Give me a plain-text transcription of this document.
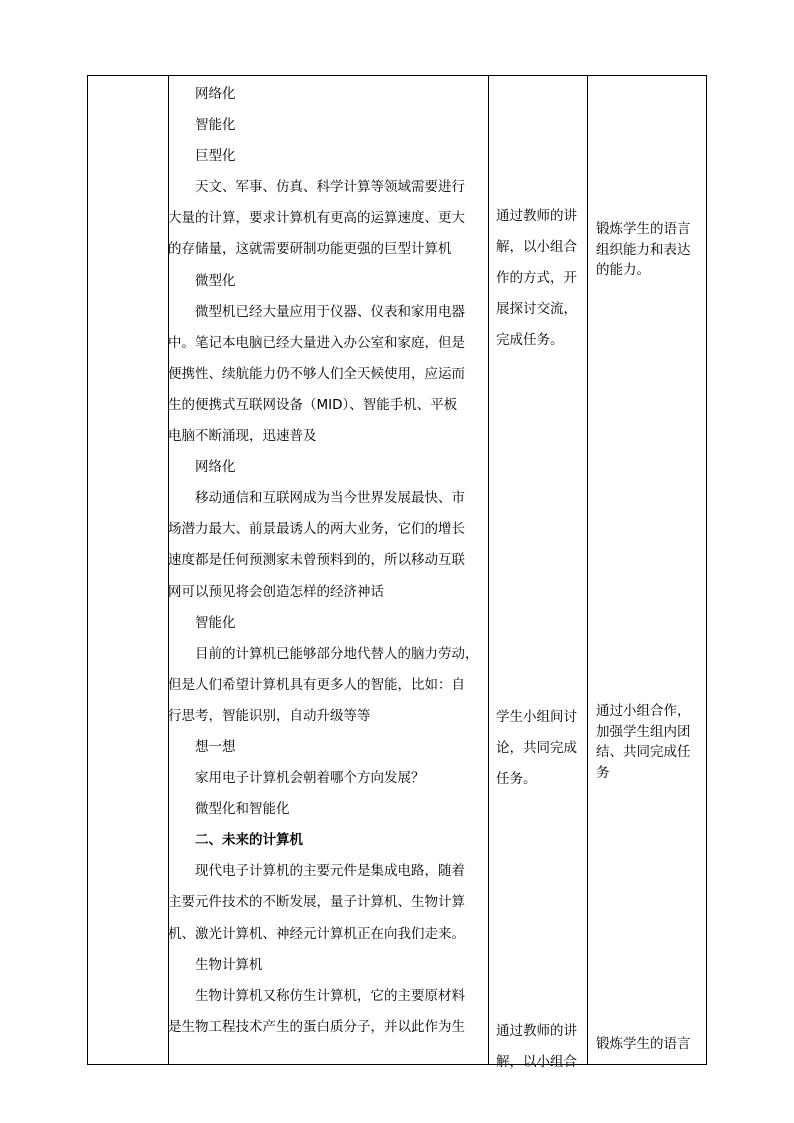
网络化
智能化
巨型化
天文、军事、仿真、科学计算等领域需要进行
大量的计算，要求计算机有更高的运算速度、更大
的存储量，这就需要研制功能更强的巨型计算机
微型化
微型机已经大量应用于仪器、仪表和家用电器
中。笔记本电脑已经大量进入办公室和家庭，但是
便携性、续航能力仍不够人们全天候使用，应运而
生的便携式互联网设备（MID）、智能手机、平板
电脑不断涌现，迅速普及
网络化
移动通信和互联网成为当今世界发展最快、市
场潜力最大、前景最诱人的两大业务，它们的增长
速度都是任何预测家未曾预料到的，所以移动互联
网可以预见将会创造怎样的经济神话
智能化
目前的计算机已能够部分地代替人的脑力劳动，
但是人们希望计算机具有更多人的智能，比如：自
行思考，智能识别，自动升级等等
想一想
家用电子计算机会朝着哪个方向发展？
微型化和智能化
二、未来的计算机
现代电子计算机的主要元件是集成电路，随着
主要元件技术的不断发展，量子计算机、生物计算
机、激光计算机、神经元计算机正在向我们走来。
生物计算机
生物计算机又称仿生计算机，它的主要原材料
是生物工程技术产生的蛋白质分子，并以此作为生
通过教师的讲
解，以小组合
作的方式，开
展探讨交流，
完成任务。
学生小组间讨
论，共同完成
任务。
通过教师的讲
解，以小组合
锻炼学生的语言
组织能力和表达
的能力。
通过小组合作，
加强学生组内团
结、共同完成任
务
锻炼学生的语言
